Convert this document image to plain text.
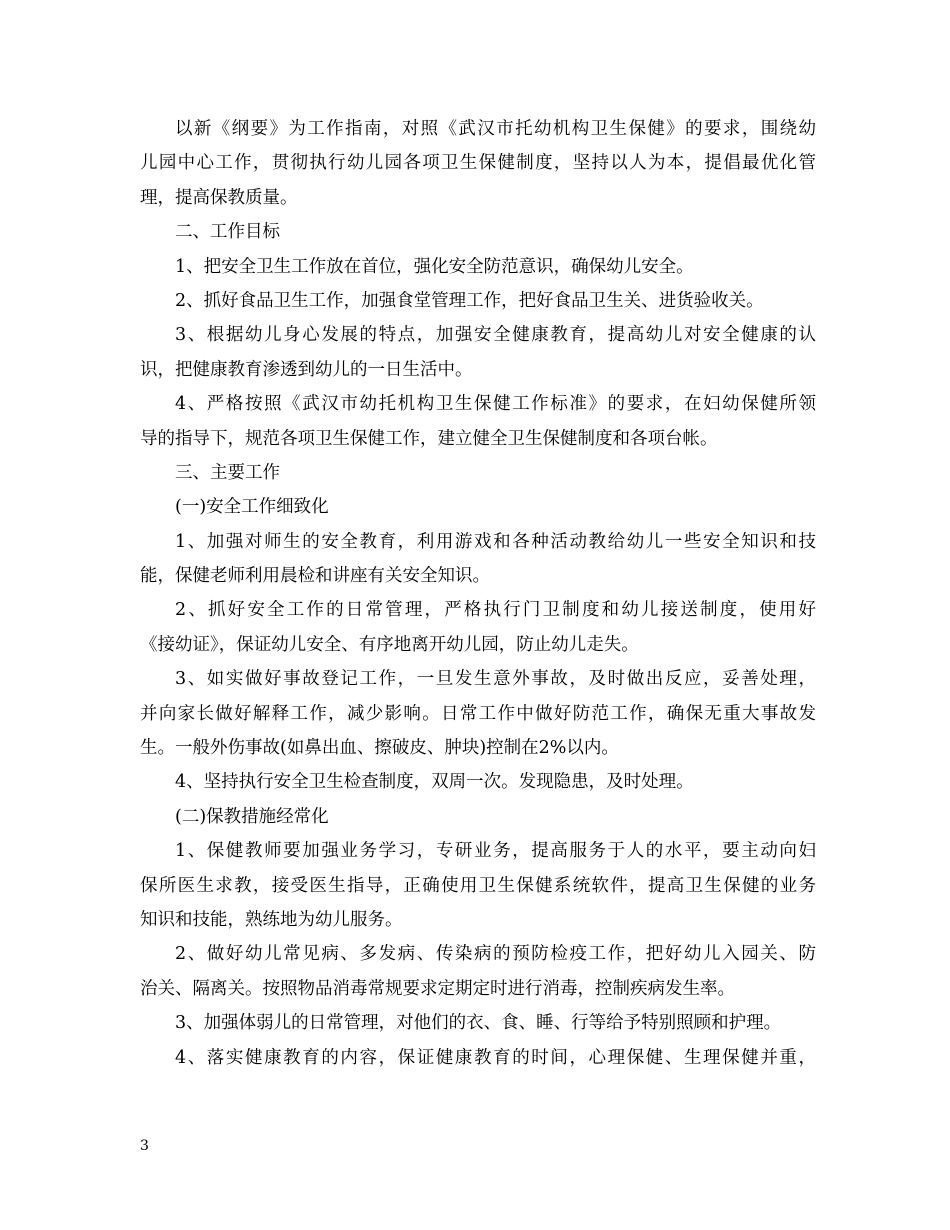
以新《纲要》为工作指南，对照《武汉市托幼机构卫生保健》的要求，围绕幼
儿园中心工作，贯彻执行幼儿园各项卫生保健制度，坚持以人为本，提倡最优化管
理，提高保教质量。
二、工作目标
1、把安全卫生工作放在首位，强化安全防范意识，确保幼儿安全。
2、抓好食品卫生工作，加强食堂管理工作，把好食品卫生关、进货验收关。
3、根据幼儿身心发展的特点，加强安全健康教育，提高幼儿对安全健康的认
识，把健康教育渗透到幼儿的一日生活中。
4、严格按照《武汉市幼托机构卫生保健工作标准》的要求，在妇幼保健所领
导的指导下，规范各项卫生保健工作，建立健全卫生保健制度和各项台帐。
三、主要工作
(一)安全工作细致化
1、加强对师生的安全教育，利用游戏和各种活动教给幼儿一些安全知识和技
能，保健老师利用晨检和讲座有关安全知识。
2、抓好安全工作的日常管理，严格执行门卫制度和幼儿接送制度，使用好
《接幼证》，保证幼儿安全、有序地离开幼儿园，防止幼儿走失。
3、如实做好事故登记工作，一旦发生意外事故，及时做出反应，妥善处理，
并向家长做好解释工作，减少影响。日常工作中做好防范工作，确保无重大事故发
生。一般外伤事故(如鼻出血、擦破皮、肿块)控制在2%以内。
4、坚持执行安全卫生检查制度，双周一次。发现隐患，及时处理。
(二)保教措施经常化
1、保健教师要加强业务学习，专研业务，提高服务于人的水平，要主动向妇
保所医生求教，接受医生指导，正确使用卫生保健系统软件，提高卫生保健的业务
知识和技能，熟练地为幼儿服务。
2、做好幼儿常见病、多发病、传染病的预防检疫工作，把好幼儿入园关、防
治关、隔离关。按照物品消毒常规要求定期定时进行消毒，控制疾病发生率。
3、加强体弱儿的日常管理，对他们的衣、食、睡、行等给予特别照顾和护理。
4、落实健康教育的内容，保证健康教育的时间，心理保健、生理保健并重，
3
